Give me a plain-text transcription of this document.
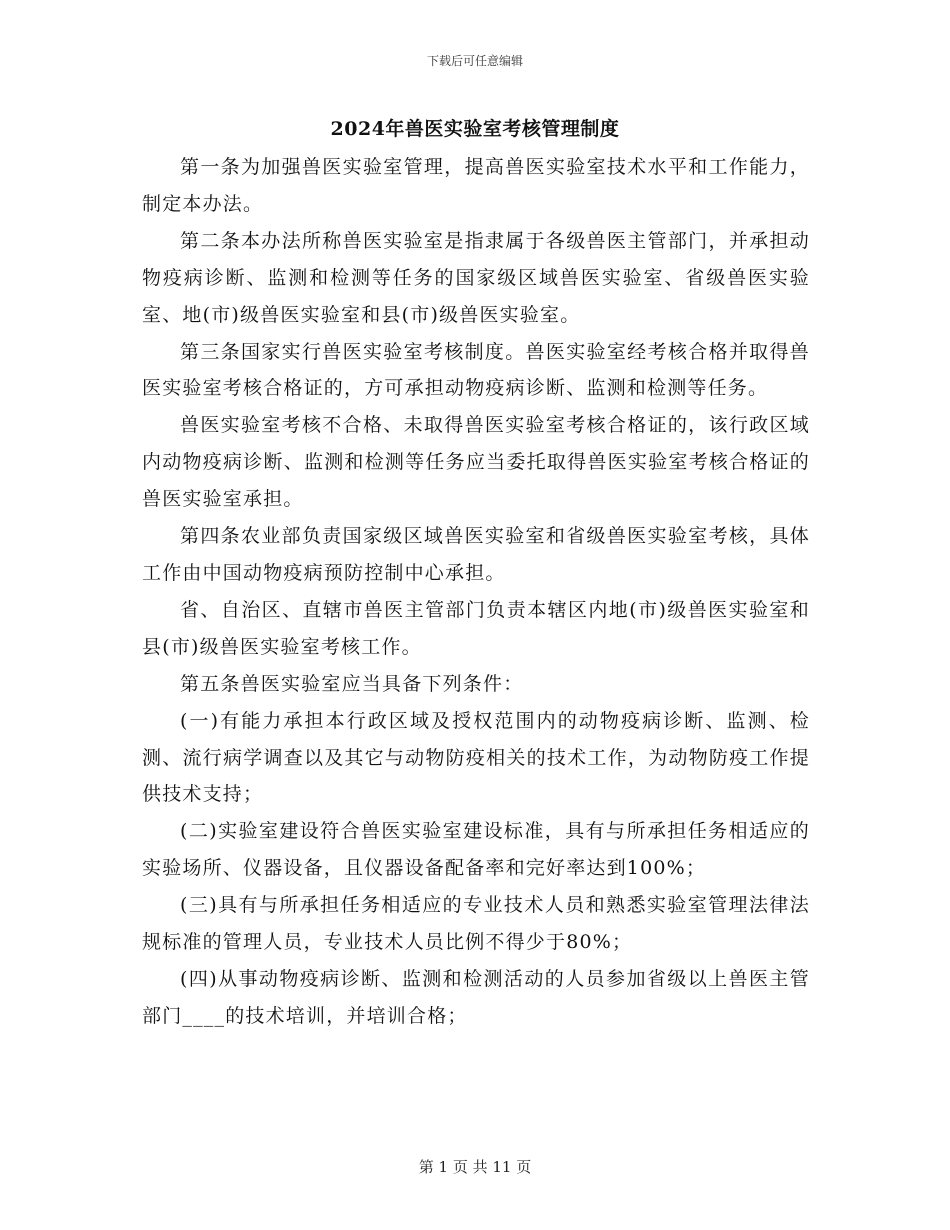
下载后可任意编辑
2024年兽医实验室考核管理制度

第一条为加强兽医实验室管理，提高兽医实验室技术水平和工作能力，制定本办法。

第二条本办法所称兽医实验室是指隶属于各级兽医主管部门，并承担动物疫病诊断、监测和检测等任务的国家级区域兽医实验室、省级兽医实验室、地(市)级兽医实验室和县(市)级兽医实验室。

第三条国家实行兽医实验室考核制度。兽医实验室经考核合格并取得兽医实验室考核合格证的，方可承担动物疫病诊断、监测和检测等任务。

兽医实验室考核不合格、未取得兽医实验室考核合格证的，该行政区域内动物疫病诊断、监测和检测等任务应当委托取得兽医实验室考核合格证的兽医实验室承担。

第四条农业部负责国家级区域兽医实验室和省级兽医实验室考核，具体工作由中国动物疫病预防控制中心承担。

省、自治区、直辖市兽医主管部门负责本辖区内地(市)级兽医实验室和县(市)级兽医实验室考核工作。

第五条兽医实验室应当具备下列条件：

(一)有能力承担本行政区域及授权范围内的动物疫病诊断、监测、检测、流行病学调查以及其它与动物防疫相关的技术工作，为动物防疫工作提供技术支持；

(二)实验室建设符合兽医实验室建设标准，具有与所承担任务相适应的实验场所、仪器设备，且仪器设备配备率和完好率达到100%；

(三)具有与所承担任务相适应的专业技术人员和熟悉实验室管理法律法规标准的管理人员，专业技术人员比例不得少于80%；

(四)从事动物疫病诊断、监测和检测活动的人员参加省级以上兽医主管部门____的技术培训，并培训合格；

第 1 页 共 11 页
